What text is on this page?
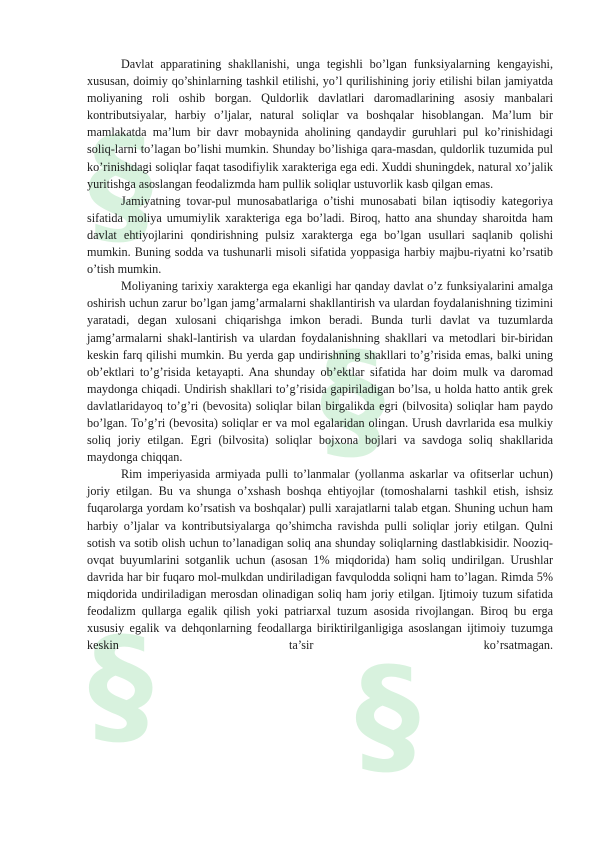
§
§
§ §

Davlat apparatining shakllanishi, unga tegishli bo’lgan funksiyalarning kengayishi, xususan, doimiy qo’shinlarning tashkil etilishi, yo’l qurilishining joriy etilishi bilan jamiyatda moliyaning roli oshib borgan. Quldorlik davlatlari daromadlarining asosiy manbalari kontributsiyalar, harbiy o’ljalar, natural soliqlar va boshqalar hisoblangan. Ma’lum bir mamlakatda ma’lum bir davr mobaynida aholining qandaydir guruhlari pul ko’rinishidagi soliq-larni to’lagan bo’lishi mumkin. Shunday bo’lishiga qara-masdan, quldorlik tuzumida pul ko’rinishdagi soliqlar faqat tasodifiylik xarakteriga ega edi. Xuddi shuningdek, natural xo’jalik yuritishga asoslangan feodalizmda ham pullik soliqlar ustuvorlik kasb qilgan emas.

Jamiyatning tovar-pul munosabatlariga o’tishi munosabati bilan iqtisodiy kategoriya sifatida moliya umumiylik xarakteriga ega bo’ladi. Biroq, hatto ana shunday sharoitda ham davlat ehtiyojlarini qondirishning pulsiz xarakterga ega bo’lgan usullari saqlanib qolishi mumkin. Buning sodda va tushunarli misoli sifatida yoppasiga harbiy majbu-riyatni ko’rsatib o’tish mumkin.

Moliyaning tarixiy xarakterga ega ekanligi har qanday davlat o’z funksiyalarini amalga oshirish uchun zarur bo’lgan jamg’armalarni shakllantirish va ulardan foydalanishning tizimini yaratadi, degan xulosani chiqarishga imkon beradi. Bunda turli davlat va tuzumlarda jamg’armalarni shakl-lantirish va ulardan foydalanishning shakllari va metodlari bir-biridan keskin farq qilishi mumkin. Bu yerda gap undirishning shakllari to’g’risida emas, balki uning ob’ektlari to’g’risida ketayapti. Ana shunday ob’ektlar sifatida har doim mulk va daromad maydonga chiqadi. Undirish shakllari to’g’risida gapiriladigan bo’lsa, u holda hatto antik grek davlatlaridayoq to’g’ri (bevosita) soliqlar bilan birgalikda egri (bilvosita) soliqlar ham paydo bo’lgan. To’g’ri (bevosita) soliqlar er va mol egalaridan olingan. Urush davrlarida esa mulkiy soliq joriy etilgan. Egri (bilvosita) soliqlar bojxona bojlari va savdoga soliq shakllarida maydonga chiqqan.

Rim imperiyasida armiyada pulli to’lanmalar (yollanma askarlar va ofitserlar uchun) joriy etilgan. Bu va shunga o’xshash boshqa ehtiyojlar (tomoshalarni tashkil etish, ishsiz fuqarolarga yordam ko’rsatish va boshqalar) pulli xarajatlarni talab etgan. Shuning uchun ham harbiy o’ljalar va kontributsiyalarga qo’shimcha ravishda pulli soliqlar joriy etilgan. Qulni sotish va sotib olish uchun to’lanadigan soliq ana shunday soliqlarning dastlabkisidir. Nooziq-ovqat buyumlarini sotganlik uchun (asosan 1% miqdorida) ham soliq undirilgan. Urushlar davrida har bir fuqaro mol-mulkdan undiriladigan favqulodda soliqni ham to’lagan. Rimda 5% miqdorida undiriladigan merosdan olinadigan soliq ham joriy etilgan. Ijtimoiy tuzum sifatida feodalizm qullarga egalik qilish yoki patriarxal tuzum asosida rivojlangan. Biroq bu erga xususiy egalik va dehqonlarning feodallarga biriktirilganligiga asoslangan ijtimoiy tuzumga keskin ta’sir ko’rsatmagan.
